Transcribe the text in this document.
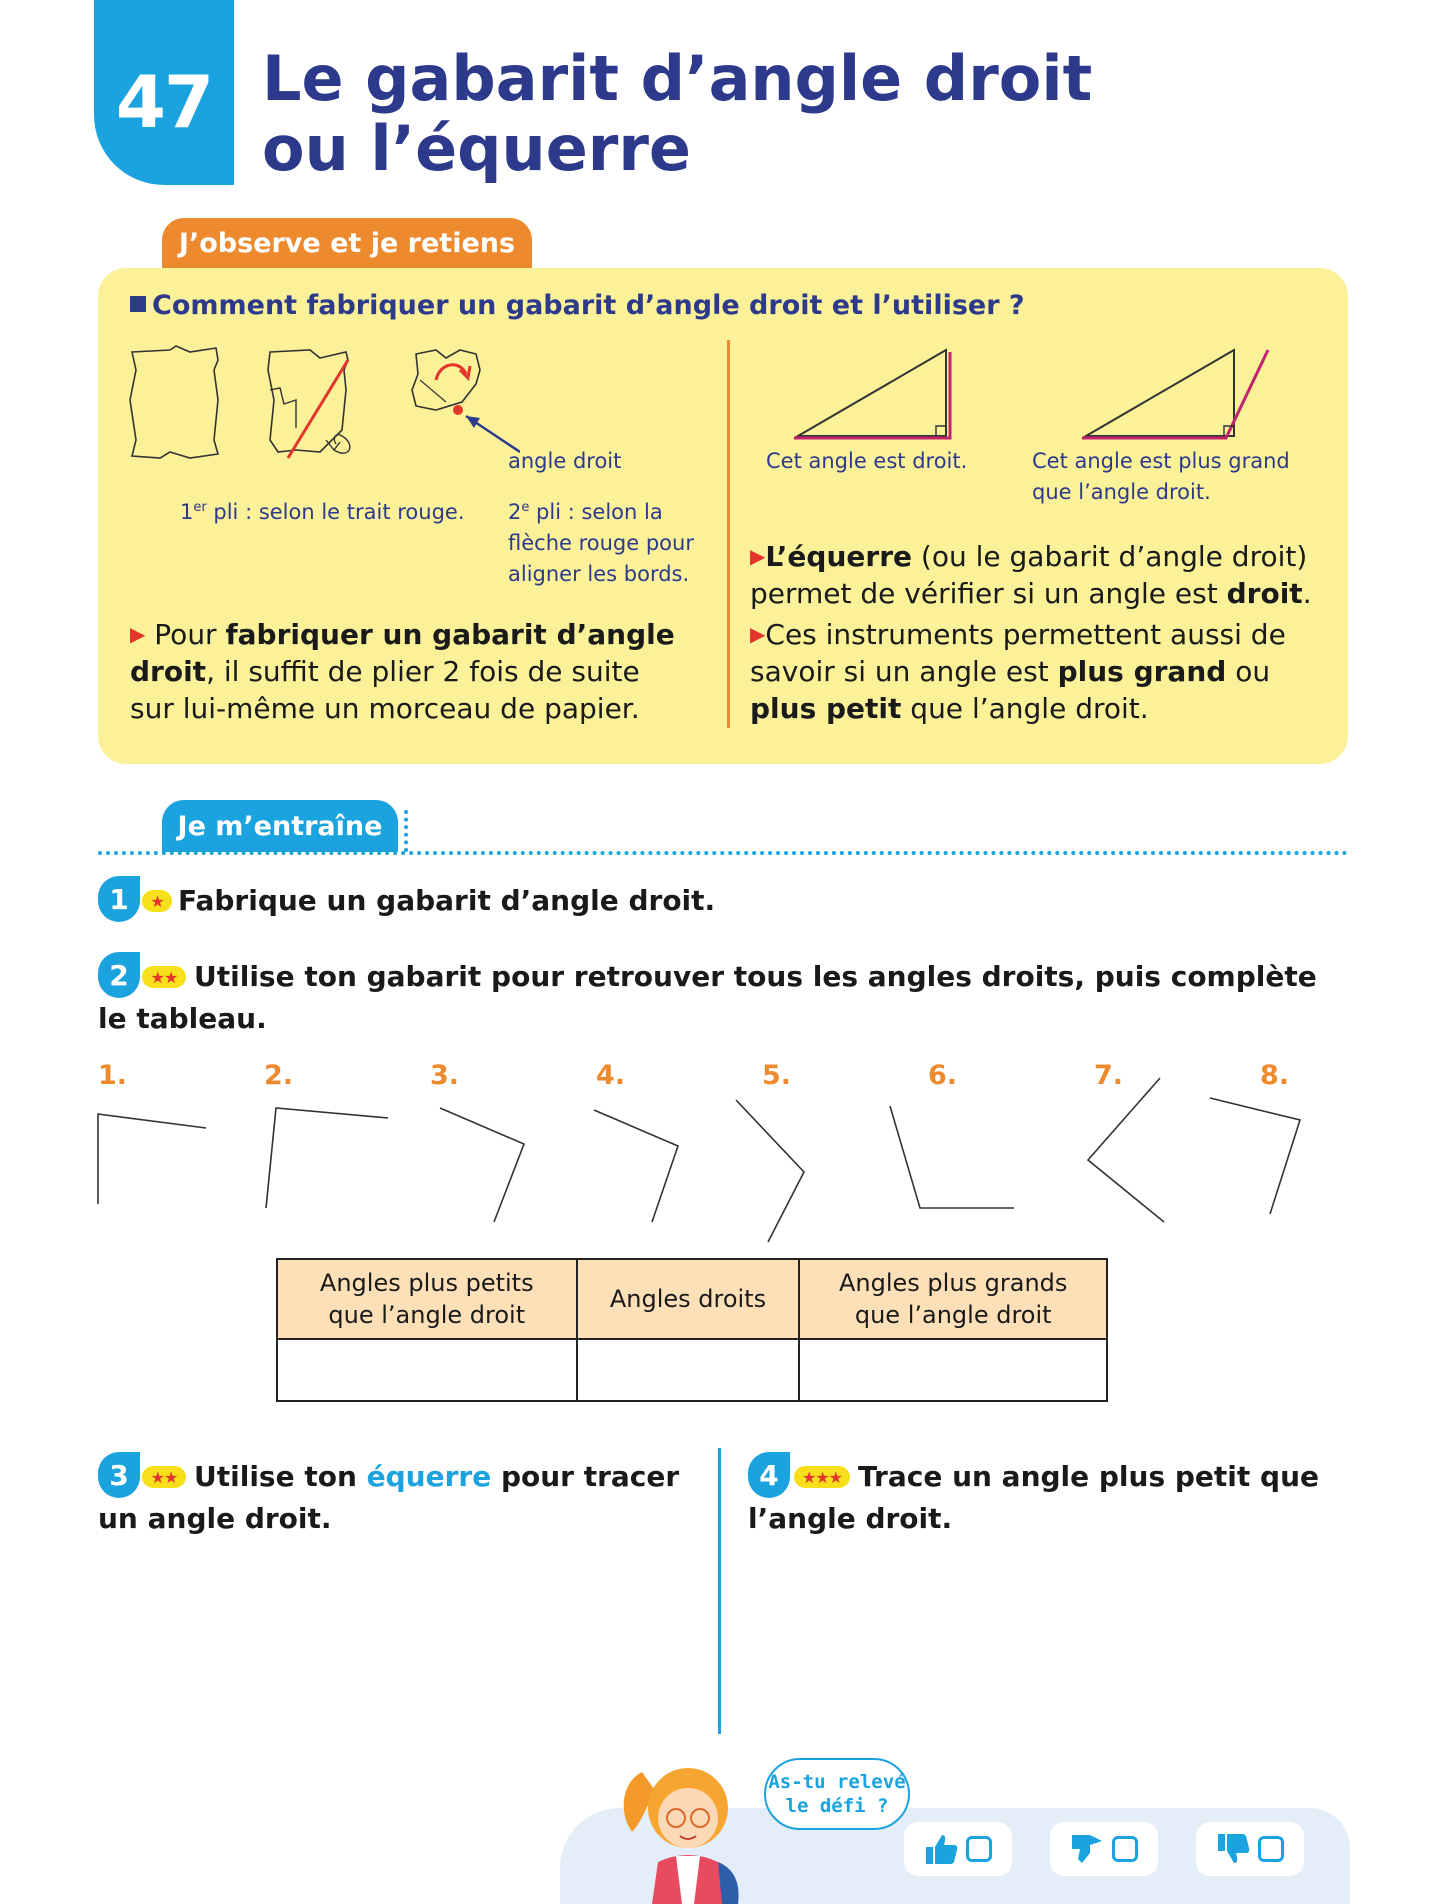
47 Le gabarit d’angle droit
ou l’équerre
J’observe et je retiens
Comment fabriquer un gabarit d’angle droit et l’utiliser ?
angle droit
1er pli : selon le trait rouge. 2e pli : selon la
flèche rouge pour
aligner les bords.
▶ Pour fabriquer un gabarit d’angle droit, il suffit de plier 2 fois de suite sur lui-même un morceau de papier.
Cet angle est droit.	Cet angle est plus grand
que l’angle droit.
▶L’équerre (ou le gabarit d’angle droit) permet de vérifier si un angle est droit.
▶Ces instruments permettent aussi de savoir si un angle est plus grand ou plus petit que l’angle droit.
Je m’entraîne
1	★ Fabrique un gabarit d’angle droit.
2	★★ Utilise ton gabarit pour retrouver tous les angles droits, puis complète
le tableau.
1.	2.	3.	4.	5.	6.	7.	8.
Angles plus petits que l’angle droit	Angles droits	Angles plus grands que l’angle droit

3	★★ Utilise ton équerre pour tracer
un angle droit.
4	★★★ Trace un angle plus petit que
l’angle droit.
As-tu relevé
le défi ?
